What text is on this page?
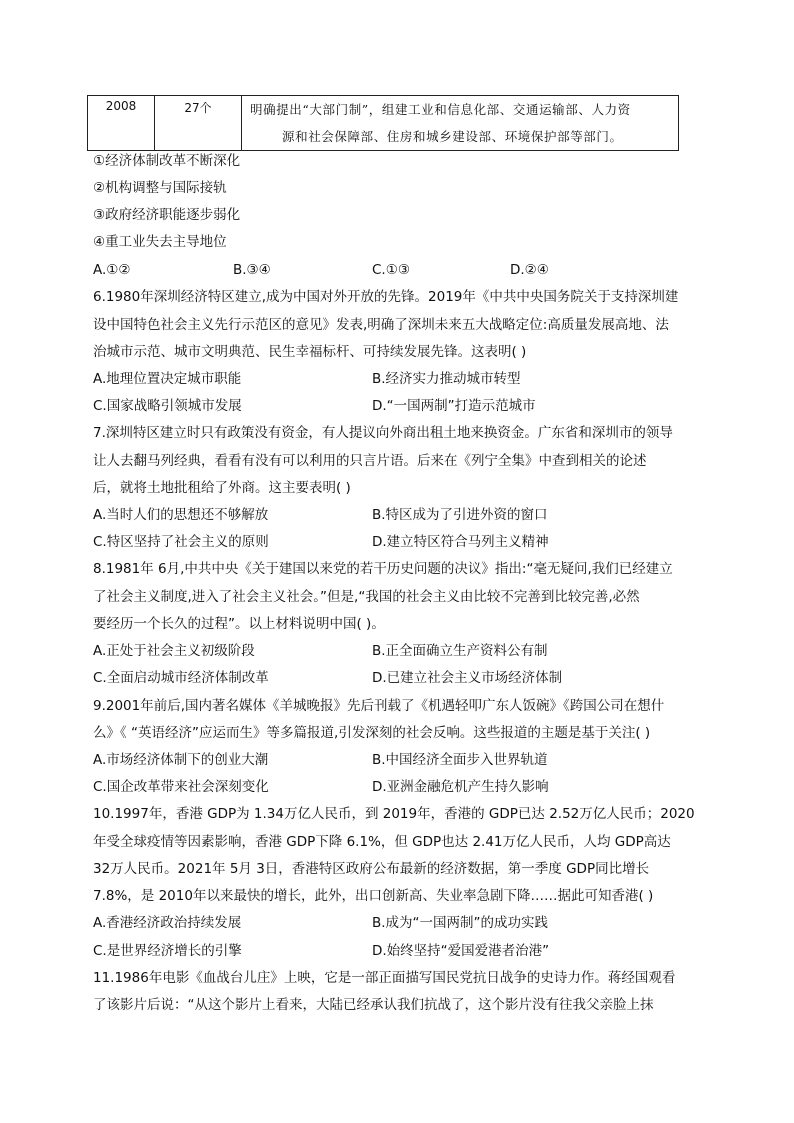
2008	27个	明确提出“大部门制”，组建工业和信息化部、交通运输部、人力资
源和社会保障部、住房和城乡建设部、环境保护部等部门。
①经济体制改革不断深化
②机构调整与国际接轨
③政府经济职能逐步弱化
④重工业失去主导地位
A.①②	B.③④	C.①③	D.②④
6.1980年深圳经济特区建立,成为中国对外开放的先锋。2019年《中共中央国务院关于支持深圳建
设中国特色社会主义先行示范区的意见》发表,明确了深圳未来五大战略定位:高质量发展高地、法
治城市示范、城市文明典范、民生幸福标杆、可持续发展先锋。这表明( )
A.地理位置决定城市职能	B.经济实力推动城市转型
C.国家战略引领城市发展	D.“一国两制”打造示范城市
7.深圳特区建立时只有政策没有资金，有人提议向外商出租土地来换资金。广东省和深圳市的领导
让人去翻马列经典，看看有没有可以利用的只言片语。后来在《列宁全集》中查到相关的论述
后，就将土地批租给了外商。这主要表明( )
A.当时人们的思想还不够解放	B.特区成为了引进外资的窗口
C.特区坚持了社会主义的原则	D.建立特区符合马列主义精神
8.1981年 6月,中共中央《关于建国以来党的若干历史问题的决议》指出:“毫无疑问,我们已经建立
了社会主义制度,进入了社会主义社会。”但是,“我国的社会主义由比较不完善到比较完善,必然
要经历一个长久的过程”。以上材料说明中国( )。
A.正处于社会主义初级阶段	B.正全面确立生产资料公有制
C.全面启动城市经济体制改革	D.已建立社会主义市场经济体制
9.2001年前后,国内著名媒体《羊城晚报》先后刊载了《机遇轻叩广东人饭碗》《跨国公司在想什
么》《 “英语经济”应运而生》等多篇报道,引发深刻的社会反响。这些报道的主题是基于关注( )
A.市场经济体制下的创业大潮	B.中国经济全面步入世界轨道
C.国企改革带来社会深刻变化	D.亚洲金融危机产生持久影响
10.1997年，香港 GDP为 1.34万亿人民币，到 2019年，香港的 GDP已达 2.52万亿人民币；2020
年受全球疫情等因素影响，香港 GDP下降 6.1%，但 GDP也达 2.41万亿人民币，人均 GDP高达
32万人民币。2021年 5月 3日，香港特区政府公布最新的经济数据，第一季度 GDP同比增长
7.8%，是 2010年以来最快的增长，此外，出口创新高、失业率急剧下降……据此可知香港( )
A.香港经济政治持续发展	B.成为“一国两制”的成功实践
C.是世界经济增长的引擎	D.始终坚持“爱国爱港者治港”
11.1986年电影《血战台儿庄》上映，它是一部正面描写国民党抗日战争的史诗力作。蒋经国观看
了该影片后说：“从这个影片上看来，大陆已经承认我们抗战了，这个影片没有往我父亲脸上抹
